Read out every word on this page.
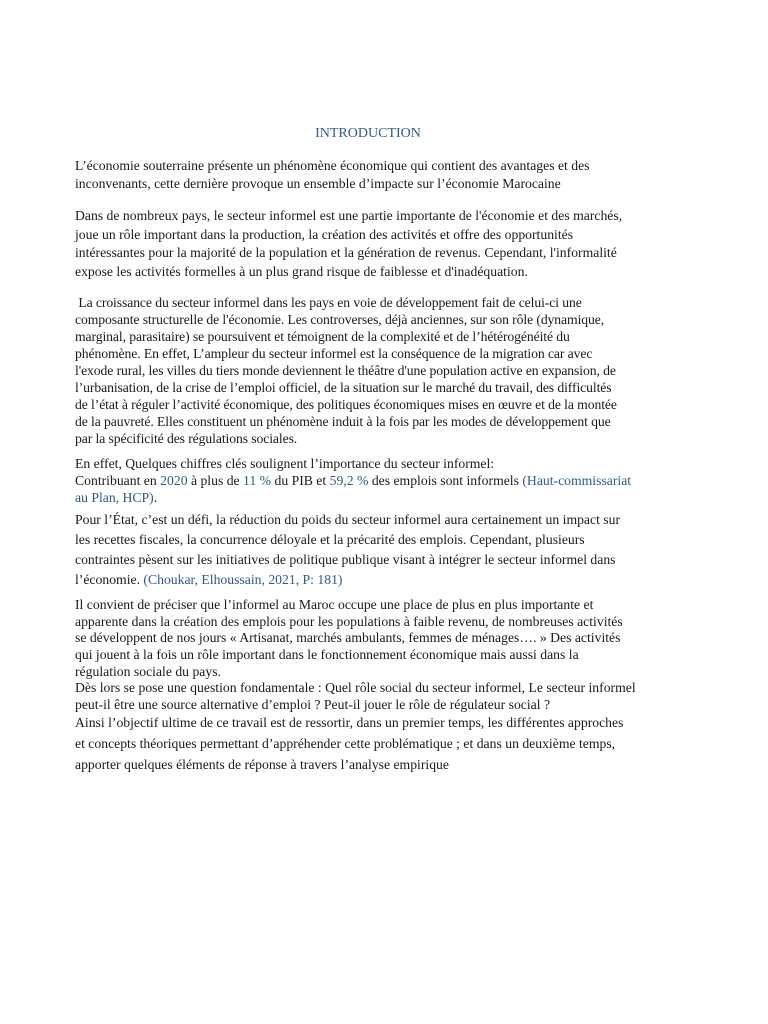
INTRODUCTION

L’économie souterraine présente un phénomène économique qui contient des avantages et des
inconvenants, cette dernière provoque un ensemble d’impacte sur l’économie Marocaine

Dans de nombreux pays, le secteur informel est une partie importante de l'économie et des marchés,
joue un rôle important dans la production, la création des activités et offre des opportunités
intéressantes pour la majorité de la population et la génération de revenus. Cependant, l'informalité
expose les activités formelles à un plus grand risque de faiblesse et d'inadéquation.

La croissance du secteur informel dans les pays en voie de développement fait de celui-ci une
composante structurelle de l'économie. Les controverses, déjà anciennes, sur son rôle (dynamique,
marginal, parasitaire) se poursuivent et témoignent de la complexité et de l’hétérogénéité du
phénomène. En effet, L’ampleur du secteur informel est la conséquence de la migration car avec
l'exode rural, les villes du tiers monde deviennent le théâtre d'une population active en expansion, de
l’urbanisation, de la crise de l’emploi officiel, de la situation sur le marché du travail, des difficultés
de l’état à réguler l’activité économique, des politiques économiques mises en œuvre et de la montée
de la pauvreté. Elles constituent un phénomène induit à la fois par les modes de développement que
par la spécificité des régulations sociales.

En effet, Quelques chiffres clés soulignent l’importance du secteur informel:
Contribuant en 2020 à plus de 11 % du PIB et 59,2 % des emplois sont informels (Haut-commissariat
au Plan, HCP).

Pour l’État, c’est un défi, la réduction du poids du secteur informel aura certainement un impact sur
les recettes fiscales, la concurrence déloyale et la précarité des emplois. Cependant, plusieurs
contraintes pèsent sur les initiatives de politique publique visant à intégrer le secteur informel dans
l’économie. (Choukar, Elhoussain, 2021, P: 181)

Il convient de préciser que l’informel au Maroc occupe une place de plus en plus importante et
apparente dans la création des emplois pour les populations à faible revenu, de nombreuses activités
se développent de nos jours « Artisanat, marchés ambulants, femmes de ménages…. » Des activités
qui jouent à la fois un rôle important dans le fonctionnement économique mais aussi dans la
régulation sociale du pays.

Dès lors se pose une question fondamentale : Quel rôle social du secteur informel, Le secteur informel
peut-il être une source alternative d’emploi ? Peut-il jouer le rôle de régulateur social ?

Ainsi l’objectif ultime de ce travail est de ressortir, dans un premier temps, les différentes approches
et concepts théoriques permettant d’appréhender cette problématique ; et dans un deuxième temps,
apporter quelques éléments de réponse à travers l’analyse empirique
